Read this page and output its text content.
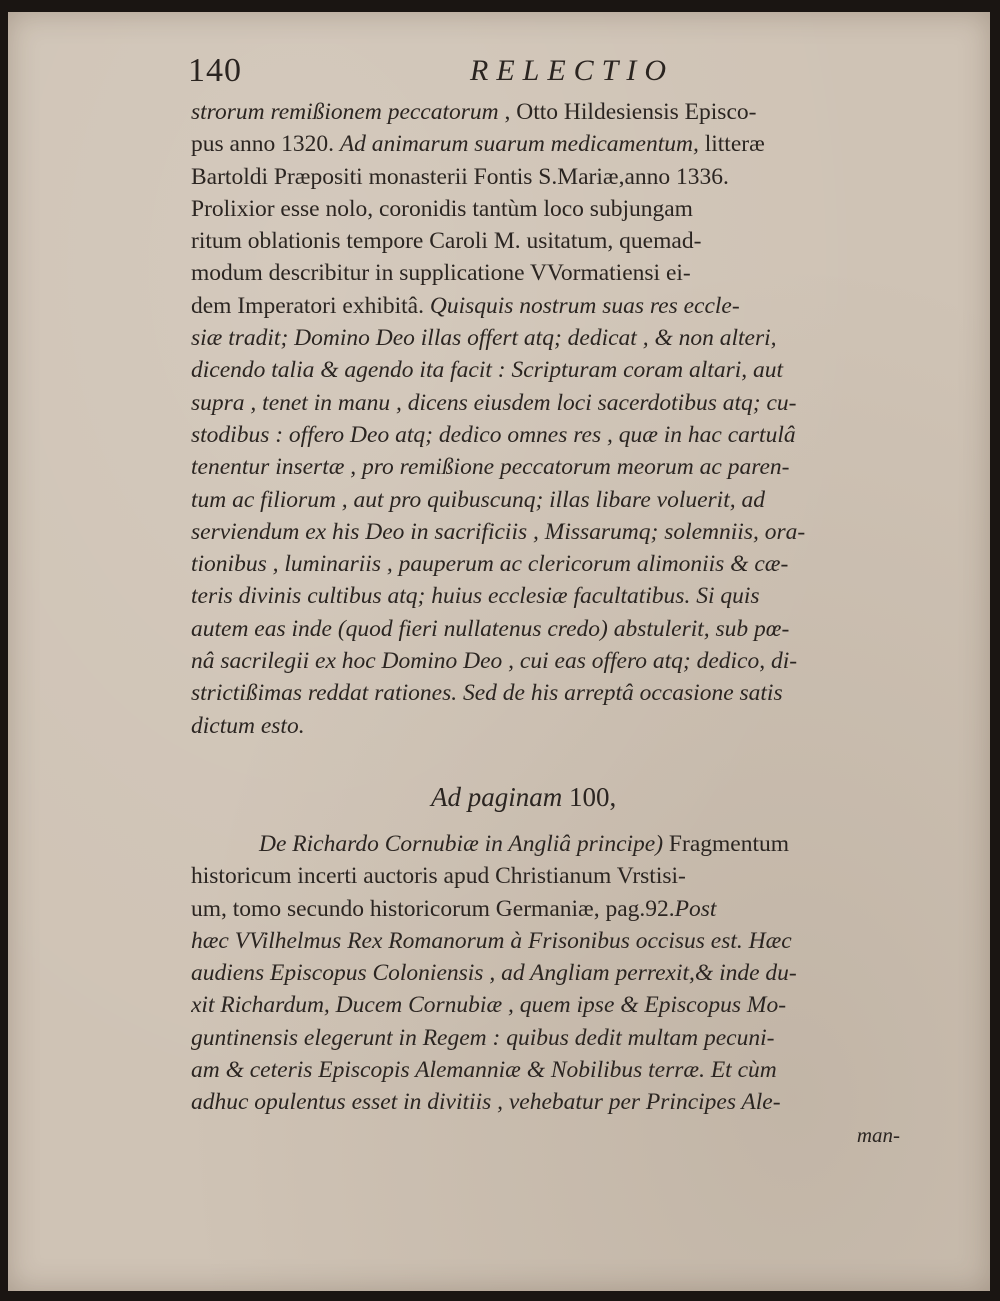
140	RELECTIO
strorum remißionem peccatorum , Otto Hildesiensis Episco-
pus anno 1320. Ad animarum suarum medicamentum, litteræ
Bartoldi Præpositi monasterii Fontis S.Mariæ,anno 1336.
Prolixior esse nolo, coronidis tantùm loco subjungam
ritum oblationis tempore Caroli M. usitatum, quemad-
modum describitur in supplicatione VVormatiensi ei-
dem Imperatori exhibitâ. Quisquis nostrum suas res eccle-
siæ tradit; Domino Deo illas offert atq; dedicat , & non alteri,
dicendo talia & agendo ita facit : Scripturam coram altari, aut
supra , tenet in manu , dicens eiusdem loci sacerdotibus atq; cu-
stodibus : offero Deo atq; dedico omnes res , quæ in hac cartulâ
tenentur insertæ , pro remißione peccatorum meorum ac paren-
tum ac filiorum , aut pro quibuscunq; illas libare voluerit, ad
serviendum ex his Deo in sacrificiis , Missarumq; solemniis, ora-
tionibus , luminariis , pauperum ac clericorum alimoniis & cæ-
teris divinis cultibus atq; huius ecclesiæ facultatibus. Si quis
autem eas inde (quod fieri nullatenus credo) abstulerit, sub pœ-
nâ sacrilegii ex hoc Domino Deo , cui eas offero atq; dedico, di-
strictißimas reddat rationes. Sed de his arreptâ occasione satis
dictum esto.
Ad paginam 100,
De Richardo Cornubiæ in Angliâ principe) Fragmentum
historicum incerti auctoris apud Christianum Vrstisi-
um, tomo secundo historicorum Germaniæ, pag.92.Post
hæc VVilhelmus Rex Romanorum à Frisonibus occisus est. Hæc
audiens Episcopus Coloniensis , ad Angliam perrexit,& inde du-
xit Richardum, Ducem Cornubiæ , quem ipse & Episcopus Mo-
guntinensis elegerunt in Regem : quibus dedit multam pecuni-
am & ceteris Episcopis Alemanniæ & Nobilibus terræ. Et cùm
adhuc opulentus esset in divitiis , vehebatur per Principes Ale-
man-
